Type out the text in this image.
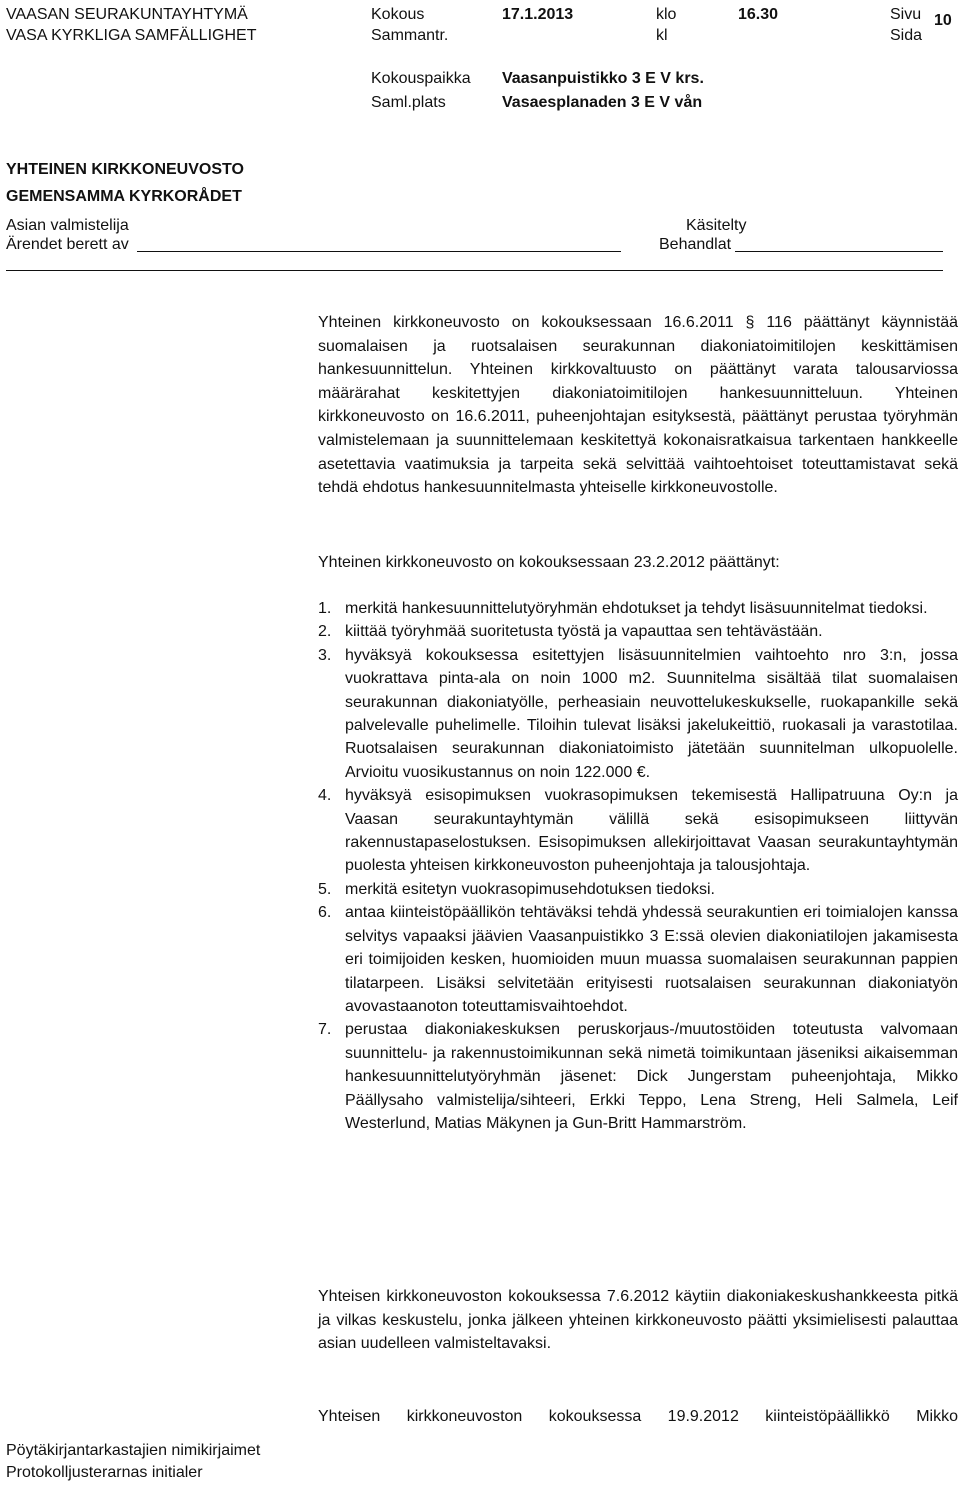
VAASAN SEURAKUNTAYHTYMÄ
VASA KYRKLIGA SAMFÄLLIGHET
Kokous
Sammantr.
17.1.2013	klo
kl
16.30	Sivu
Sida
10
Kokouspaikka
Saml.plats
Vaasanpuistikko 3 E V krs.
Vasaesplanaden 3 E V vån
YHTEINEN KIRKKONEUVOSTO
GEMENSAMMA KYRKORÅDET
Asian valmistelija
Ärendet berett av
Käsitelty
Behandlat
Yhteinen kirkkoneuvosto on kokouksessaan 16.6.2011 § 116 päättänyt käynnistää suomalaisen ja ruotsalaisen seurakunnan diakoniatoimitilojen keskittämisen hankesuunnittelun. Yhteinen kirkkovaltuusto on päättänyt varata talousarviossa määrärahat keskitettyjen diakoniatoimitilojen hankesuunnitteluun. Yhteinen kirkkoneuvosto on 16.6.2011, puheenjohtajan esityksestä, päättänyt perustaa työryhmän valmistelemaan ja suunnittelemaan keskitettyä kokonaisratkaisua tarkentaen hankkeelle asetettavia vaatimuksia ja tarpeita sekä selvittää vaihtoehtoiset toteuttamistavat sekä tehdä ehdotus hankesuunnitelmasta yhteiselle kirkkoneuvostolle.
Yhteinen kirkkoneuvosto on kokouksessaan 23.2.2012 päättänyt:
1. merkitä hankesuunnittelutyöryhmän ehdotukset ja tehdyt lisäsuunnitelmat tiedoksi.
2. kiittää työryhmää suoritetusta työstä ja vapauttaa sen tehtävästään.
3. hyväksyä kokouksessa esitettyjen lisäsuunnitelmien vaihtoehto nro 3:n, jossa vuokrattava pinta-ala on noin 1000 m2. Suunnitelma sisältää tilat suomalaisen seurakunnan diakoniatyölle, perheasiain neuvottelukeskukselle, ruokapankille sekä palvelevalle puhelimelle. Tiloihin tulevat lisäksi jakelukeittiö, ruokasali ja varastotilaa. Ruotsalaisen seurakunnan diakoniatoimisto jätetään suunnitelman ulkopuolelle. Arvioitu vuosikustannus on noin 122.000 €.
4. hyväksyä esisopimuksen vuokrasopimuksen tekemisestä Hallipatruuna Oy:n ja Vaasan seurakuntayhtymän välillä sekä esisopimukseen liittyvän rakennustapaselostuksen. Esisopimuksen allekirjoittavat Vaasan seurakuntayhtymän puolesta yhteisen kirkkoneuvoston puheenjohtaja ja talousjohtaja.
5. merkitä esitetyn vuokrasopimusehdotuksen tiedoksi.
6. antaa kiinteistöpäällikön tehtäväksi tehdä yhdessä seurakuntien eri toimialojen kanssa selvitys vapaaksi jäävien Vaasanpuistikko 3 E:ssä olevien diakoniatilojen jakamisesta eri toimijoiden kesken, huomioiden muun muassa suomalaisen seurakunnan pappien tilatarpeen. Lisäksi selvitetään erityisesti ruotsalaisen seurakunnan diakoniatyön avovastaanoton toteuttamisvaihtoehdot.
7. perustaa diakoniakeskuksen peruskorjaus-/muutostöiden toteutusta valvomaan suunnittelu- ja rakennustoimikunnan sekä nimetä toimikuntaan jäseniksi aikaisemman hankesuunnittelutyöryhmän jäsenet: Dick Jungerstam puheenjohtaja, Mikko Päällysaho valmistelija/sihteeri, Erkki Teppo, Lena Streng, Heli Salmela, Leif Westerlund, Matias Mäkynen ja Gun-Britt Hammarström.
Yhteisen kirkkoneuvoston kokouksessa 7.6.2012 käytiin diakoniakeskushankkeesta pitkä ja vilkas keskustelu, jonka jälkeen yhteinen kirkkoneuvosto päätti yksimielisesti palauttaa asian uudelleen valmisteltavaksi.
Yhteisen kirkkoneuvoston kokouksessa 19.9.2012 kiinteistöpäällikkö Mikko
Pöytäkirjantarkastajien nimikirjaimet
Protokolljusterarnas initialer
